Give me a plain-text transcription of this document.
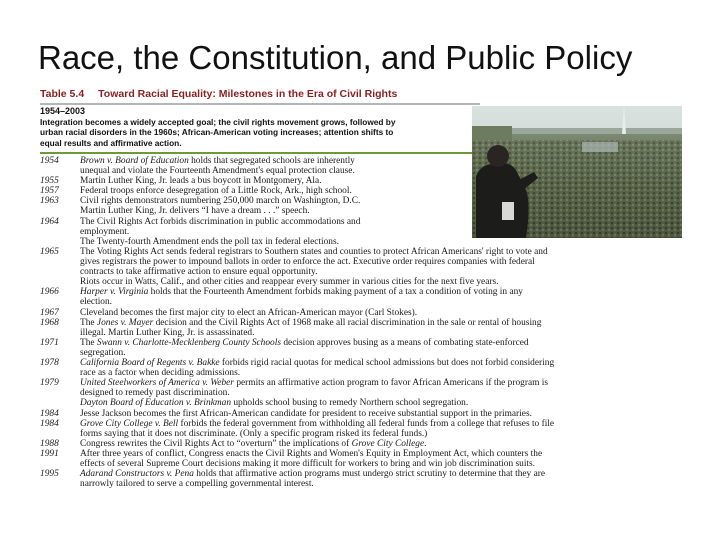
Race, the Constitution, and Public Policy
Table 5.4 Toward Racial Equality: Milestones in the Era of Civil Rights
1954–2003
Integration becomes a widely accepted goal; the civil rights movement grows, followed by
urban racial disorders in the 1960s; African-American voting increases; attention shifts to
equal results and affirmative action.
1954	Brown v. Board of Education holds that segregated schools are inherently
unequal and violate the Fourteenth Amendment's equal protection clause.
1955	Martin Luther King, Jr. leads a bus boycott in Montgomery, Ala.
1957	Federal troops enforce desegregation of a Little Rock, Ark., high school.
1963	Civil rights demonstrators numbering 250,000 march on Washington, D.C.
Martin Luther King, Jr. delivers “I have a dream . . .” speech.
1964	The Civil Rights Act forbids discrimination in public accommodations and
employment.
The Twenty-fourth Amendment ends the poll tax in federal elections.
1965	The Voting Rights Act sends federal registrars to Southern states and counties to protect African Americans' right to vote and
gives registrars the power to impound ballots in order to enforce the act. Executive order requires companies with federal
contracts to take affirmative action to ensure equal opportunity.
Riots occur in Watts, Calif., and other cities and reappear every summer in various cities for the next five years.
1966	Harper v. Virginia holds that the Fourteenth Amendment forbids making payment of a tax a condition of voting in any
election.
1967	Cleveland becomes the first major city to elect an African-American mayor (Carl Stokes).
1968	The Jones v. Mayer decision and the Civil Rights Act of 1968 make all racial discrimination in the sale or rental of housing
illegal. Martin Luther King, Jr. is assassinated.
1971	The Swann v. Charlotte-Mecklenberg County Schools decision approves busing as a means of combating state-enforced
segregation.
1978	California Board of Regents v. Bakke forbids rigid racial quotas for medical school admissions but does not forbid considering
race as a factor when deciding admissions.
1979	United Steelworkers of America v. Weber permits an affirmative action program to favor African Americans if the program is
designed to remedy past discrimination.
Dayton Board of Education v. Brinkman upholds school busing to remedy Northern school segregation.
1984	Jesse Jackson becomes the first African-American candidate for president to receive substantial support in the primaries.
1984	Grove City College v. Bell forbids the federal government from withholding all federal funds from a college that refuses to file
forms saying that it does not discriminate. (Only a specific program risked its federal funds.)
1988	Congress rewrites the Civil Rights Act to “overturn” the implications of Grove City College.
1991	After three years of conflict, Congress enacts the Civil Rights and Women's Equity in Employment Act, which counters the
effects of several Supreme Court decisions making it more difficult for workers to bring and win job discrimination suits.
1995	Adarand Constructors v. Pena holds that affirmative action programs must undergo strict scrutiny to determine that they are
narrowly tailored to serve a compelling governmental interest.
